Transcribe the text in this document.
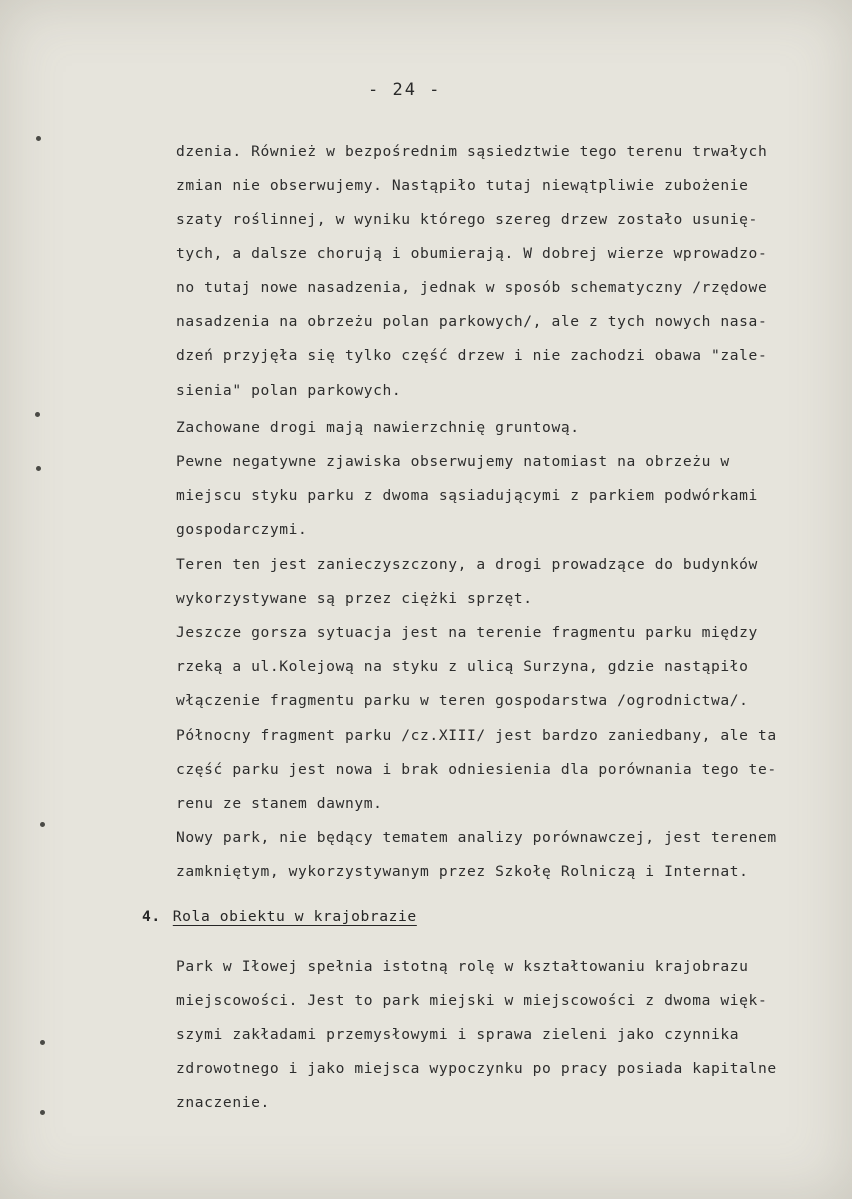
- 24 -
dzenia. Również w bezpośrednim sąsiedztwie tego terenu trwałych
zmian nie obserwujemy. Nastąpiło tutaj niewątpliwie zubożenie
szaty roślinnej, w wyniku którego szereg drzew zostało usunię-
tych, a dalsze chorują i obumierają. W dobrej wierze wprowadzo-
no tutaj nowe nasadzenia, jednak w sposób schematyczny /rzędowe
nasadzenia na obrzeżu polan parkowych/, ale z tych nowych nasa-
dzeń przyjęła się tylko część drzew i nie zachodzi obawa "zale-
sienia" polan parkowych.
Zachowane drogi mają nawierzchnię gruntową.
Pewne negatywne zjawiska obserwujemy natomiast na obrzeżu w
miejscu styku parku z dwoma sąsiadującymi z parkiem podwórkami
gospodarczymi.
Teren ten jest zanieczyszczony, a drogi prowadzące do budynków
wykorzystywane są przez ciężki sprzęt.
Jeszcze gorsza sytuacja jest na terenie fragmentu parku między
rzeką a ul.Kolejową na styku z ulicą Surzyna, gdzie nastąpiło
włączenie fragmentu parku w teren gospodarstwa /ogrodnictwa/.
Północny fragment parku /cz.XIII/ jest bardzo zaniedbany, ale ta
część parku jest nowa i brak odniesienia dla porównania tego te-
renu ze stanem dawnym.
Nowy park, nie będący tematem analizy porównawczej, jest terenem
zamkniętym, wykorzystywanym przez Szkołę Rolniczą i Internat.
4. Rola obiektu w krajobrazie
Park w Iłowej spełnia istotną rolę w kształtowaniu krajobrazu
miejscowości. Jest to park miejski w miejscowości z dwoma więk-
szymi zakładami przemysłowymi i sprawa zieleni jako czynnika
zdrowotnego i jako miejsca wypoczynku po pracy posiada kapitalne
znaczenie.
